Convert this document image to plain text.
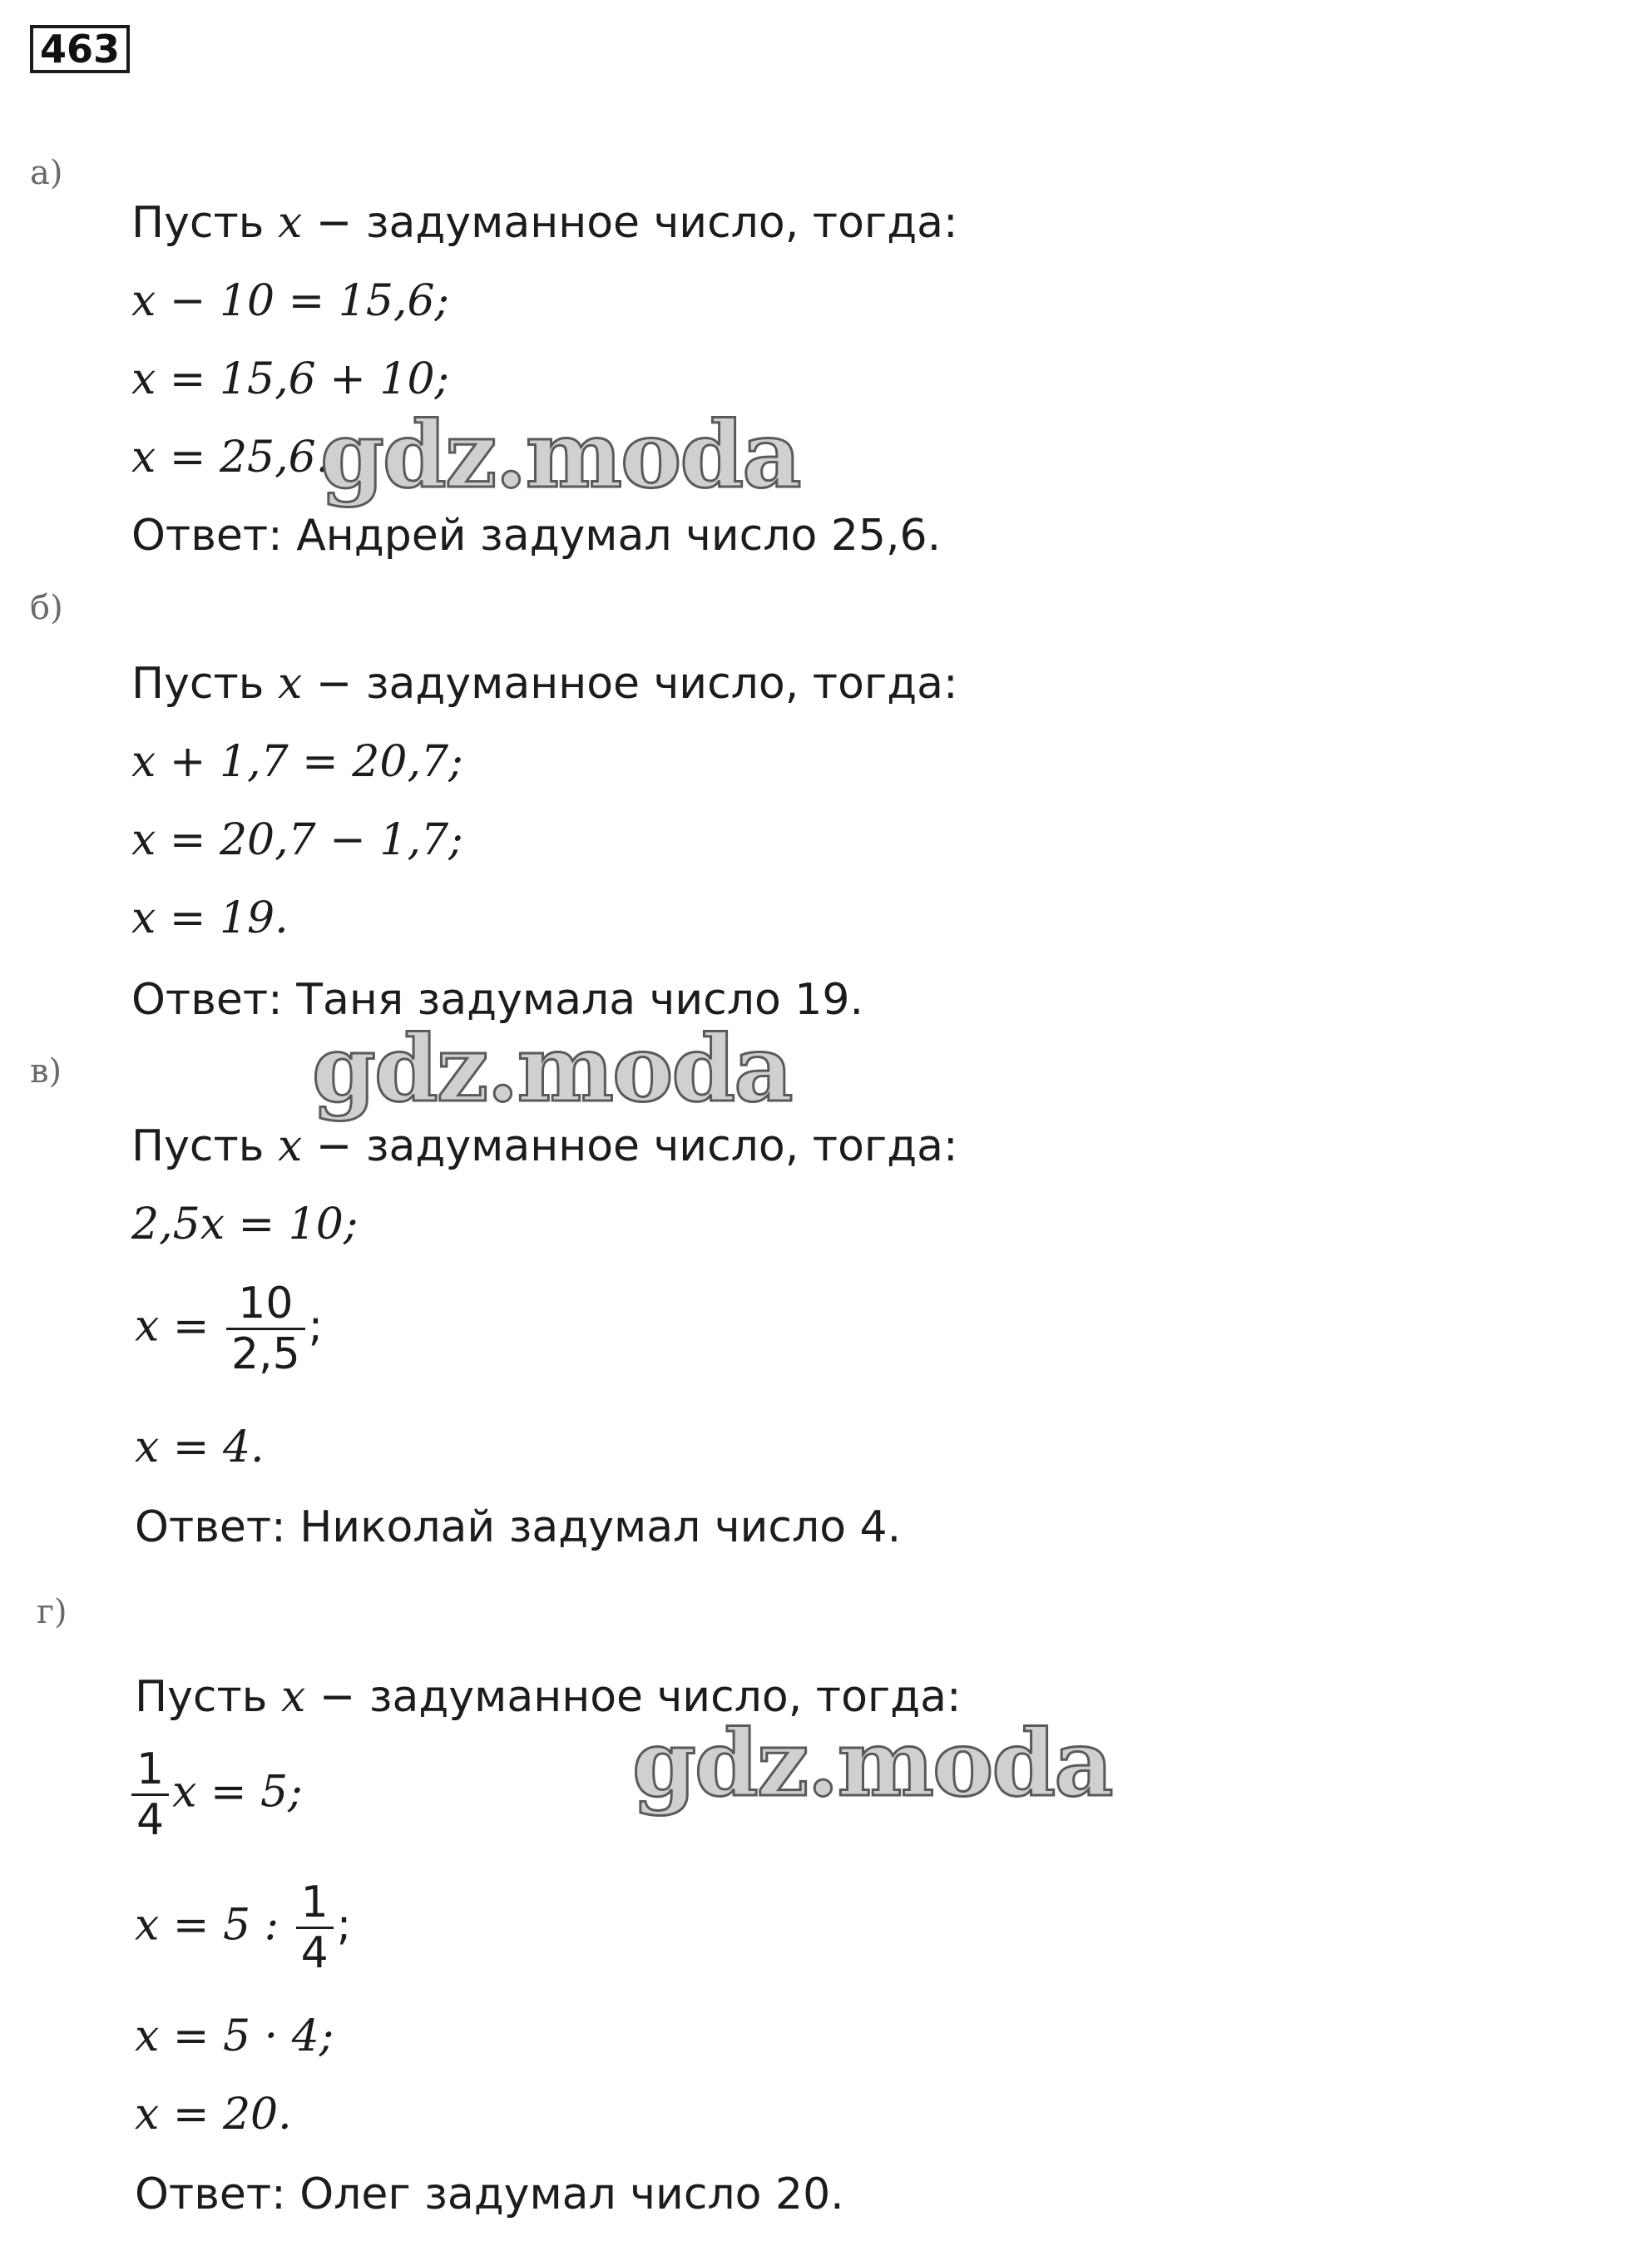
463
а)
Пусть x − задуманное число, тогда:
x − 10 = 15,6;
x = 15,6 + 10;
x = 25,6.
Ответ: Андрей задумал число 25,6.
б)
Пусть x − задуманное число, тогда:
x + 1,7 = 20,7;
x = 20,7 − 1,7;
x = 19.
Ответ: Таня задумала число 19.
в)
Пусть x − задуманное число, тогда:
2,5x = 10;
$x = \frac{10}{2,5}$ ;
x = 4.
Ответ: Николай задумал число 4.
г)
Пусть x − задуманное число, тогда:
$\frac{1}{4}$ x = 5;
x = 5 : $\frac{1}{4}$ ;
x = 5 · 4;
x = 20.
Ответ: Олег задумал число 20.
gdz.moda
gdz.moda
gdz.moda
